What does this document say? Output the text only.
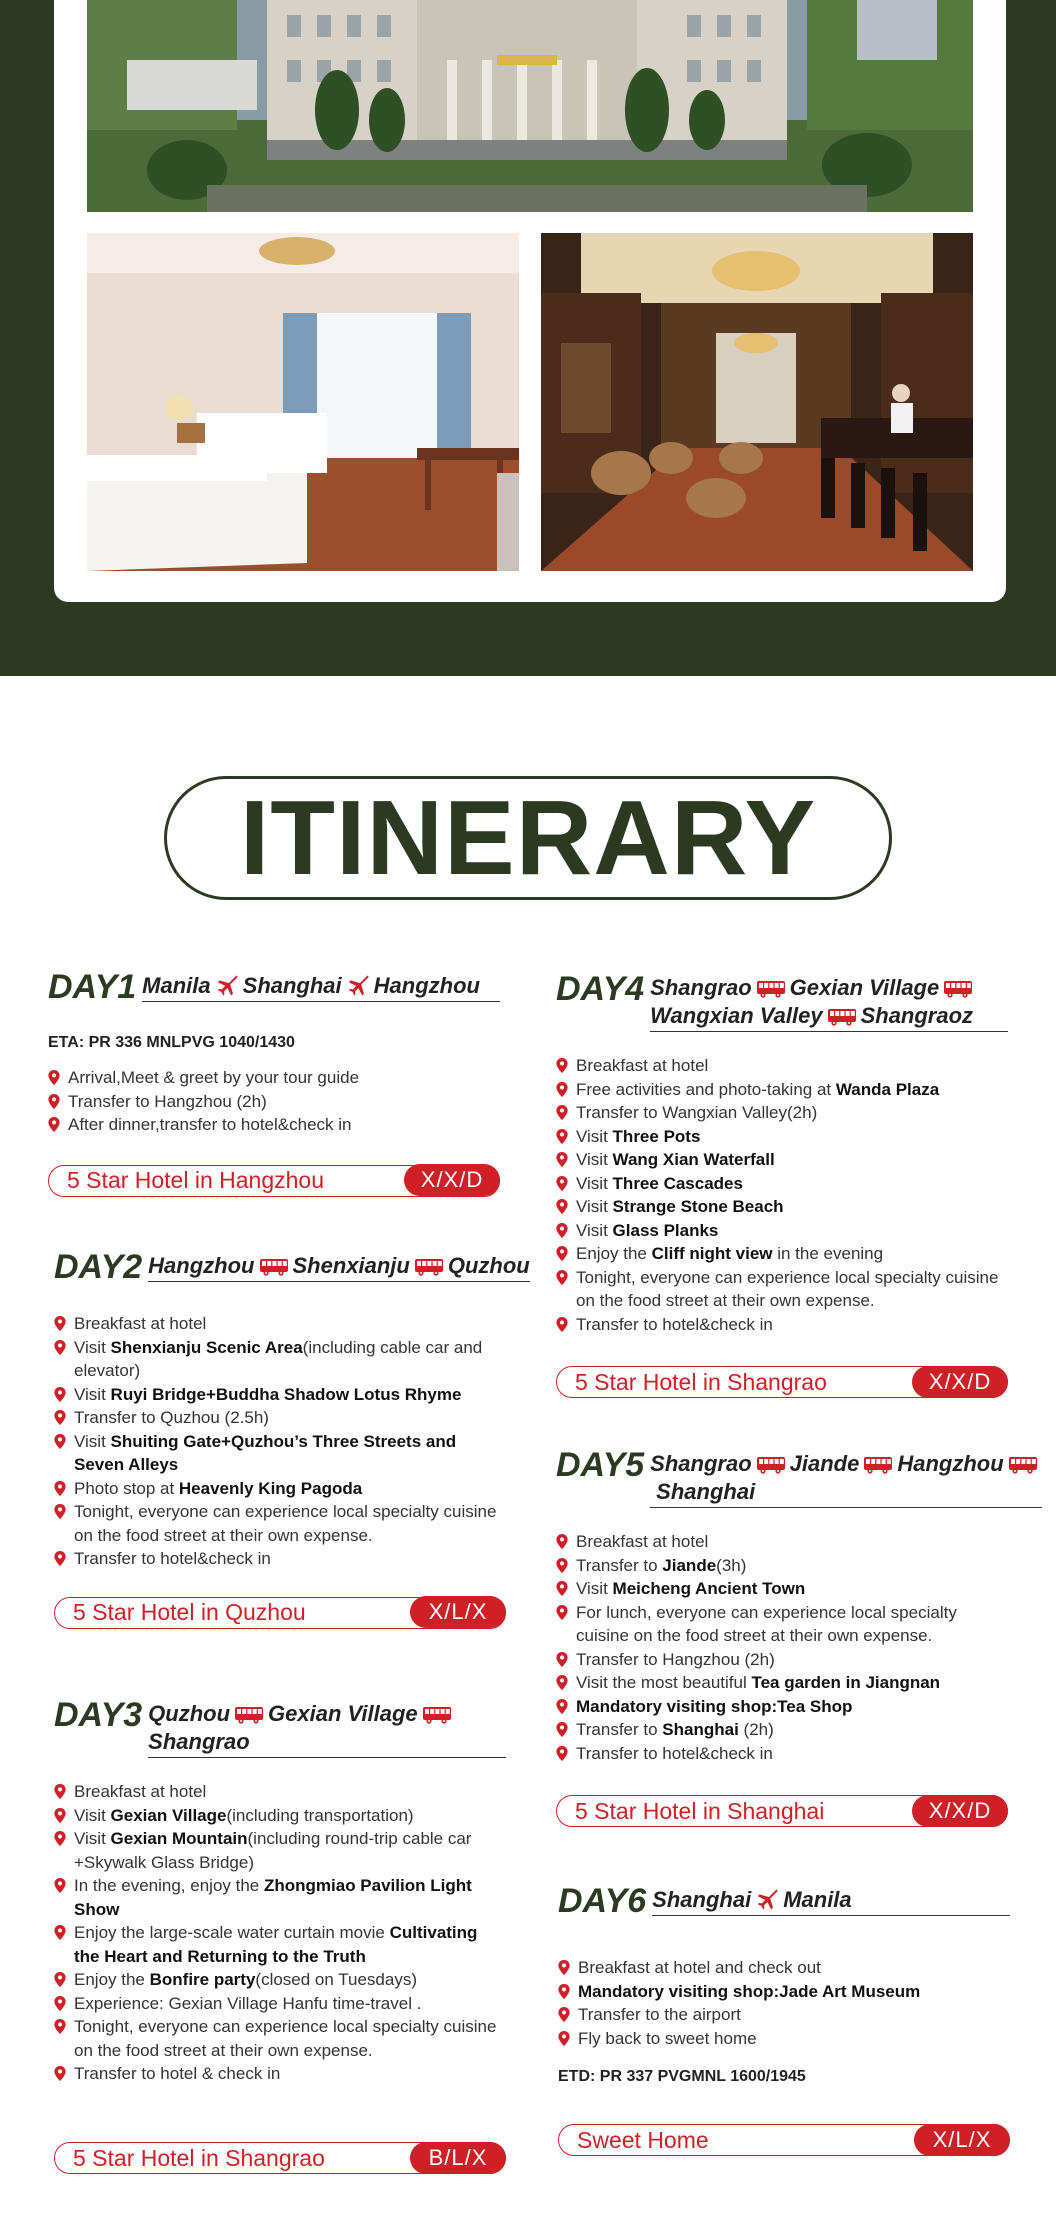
ITINERARY
DAY1 Manila Shanghai Hangzhou
ETA: PR 336 MNLPVG 1040/1430
Arrival,Meet & greet by your tour guide
Transfer to Hangzhou (2h)
After dinner,transfer to hotel&check in
5 Star Hotel in Hangzhou	X/X/D
DAY2 Hangzhou Shenxianju Quzhou
Breakfast at hotel
Visit Shenxianju Scenic Area(including cable car and elevator)
Visit Ruyi Bridge+Buddha Shadow Lotus Rhyme
Transfer to Quzhou (2.5h)
Visit Shuiting Gate+Quzhou’s Three Streets and Seven Alleys
Photo stop at Heavenly King Pagoda
Tonight, everyone can experience local specialty cuisine on the food street at their own expense.
Transfer to hotel&check in
5 Star Hotel in Quzhou	X/L/X
DAY3 Quzhou Gexian Village
Shangrao
Breakfast at hotel
Visit Gexian Village(including transportation)
Visit Gexian Mountain(including round-trip cable car +Skywalk Glass Bridge)
In the evening, enjoy the Zhongmiao Pavilion Light Show
Enjoy the large-scale water curtain movie Cultivating the Heart and Returning to the Truth
Enjoy the Bonfire party(closed on Tuesdays)
Experience: Gexian Village Hanfu time-travel .
Tonight, everyone can experience local specialty cuisine on the food street at their own expense.
Transfer to hotel & check in
5 Star Hotel in Shangrao	B/L/X
DAY4 Shangrao Gexian Village
Wangxian Valley Shangraoz
Breakfast at hotel
Free activities and photo-taking at Wanda Plaza
Transfer to Wangxian Valley(2h)
Visit Three Pots
Visit Wang Xian Waterfall
Visit Three Cascades
Visit Strange Stone Beach
Visit Glass Planks
Enjoy the Cliff night view in the evening
Tonight, everyone can experience local specialty cuisine on the food street at their own expense.
Transfer to hotel&check in
5 Star Hotel in Shangrao	X/X/D
DAY5 Shangrao Jiande Hangzhou
Shanghai
Breakfast at hotel
Transfer to Jiande(3h)
Visit Meicheng Ancient Town
For lunch, everyone can experience local specialty cuisine on the food street at their own expense.
Transfer to Hangzhou (2h)
Visit the most beautiful Tea garden in Jiangnan
Mandatory visiting shop:Tea Shop
Transfer to Shanghai (2h)
Transfer to hotel&check in
5 Star Hotel in Shanghai	X/X/D
DAY6 Shanghai Manila
Breakfast at hotel and check out
Mandatory visiting shop:Jade Art Museum
Transfer to the airport
Fly back to sweet home
ETD: PR 337 PVGMNL 1600/1945
Sweet Home	X/L/X
